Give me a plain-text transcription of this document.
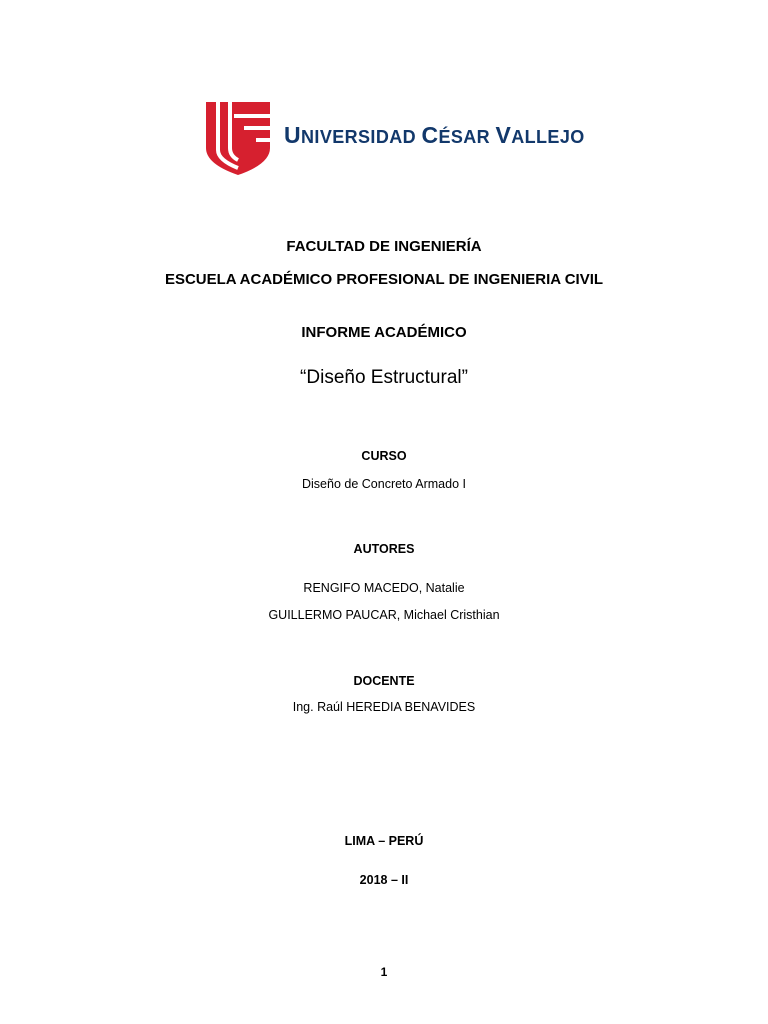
UNIVERSIDAD CÉSAR VALLEJO
FACULTAD DE INGENIERÍA
ESCUELA ACADÉMICO PROFESIONAL DE INGENIERIA CIVIL
INFORME ACADÉMICO
“Diseño Estructural”
CURSO
Diseño de Concreto Armado I
AUTORES
RENGIFO MACEDO, Natalie
GUILLERMO PAUCAR, Michael Cristhian
DOCENTE
Ing. Raúl HEREDIA BENAVIDES
LIMA – PERÚ
2018 – II
1
